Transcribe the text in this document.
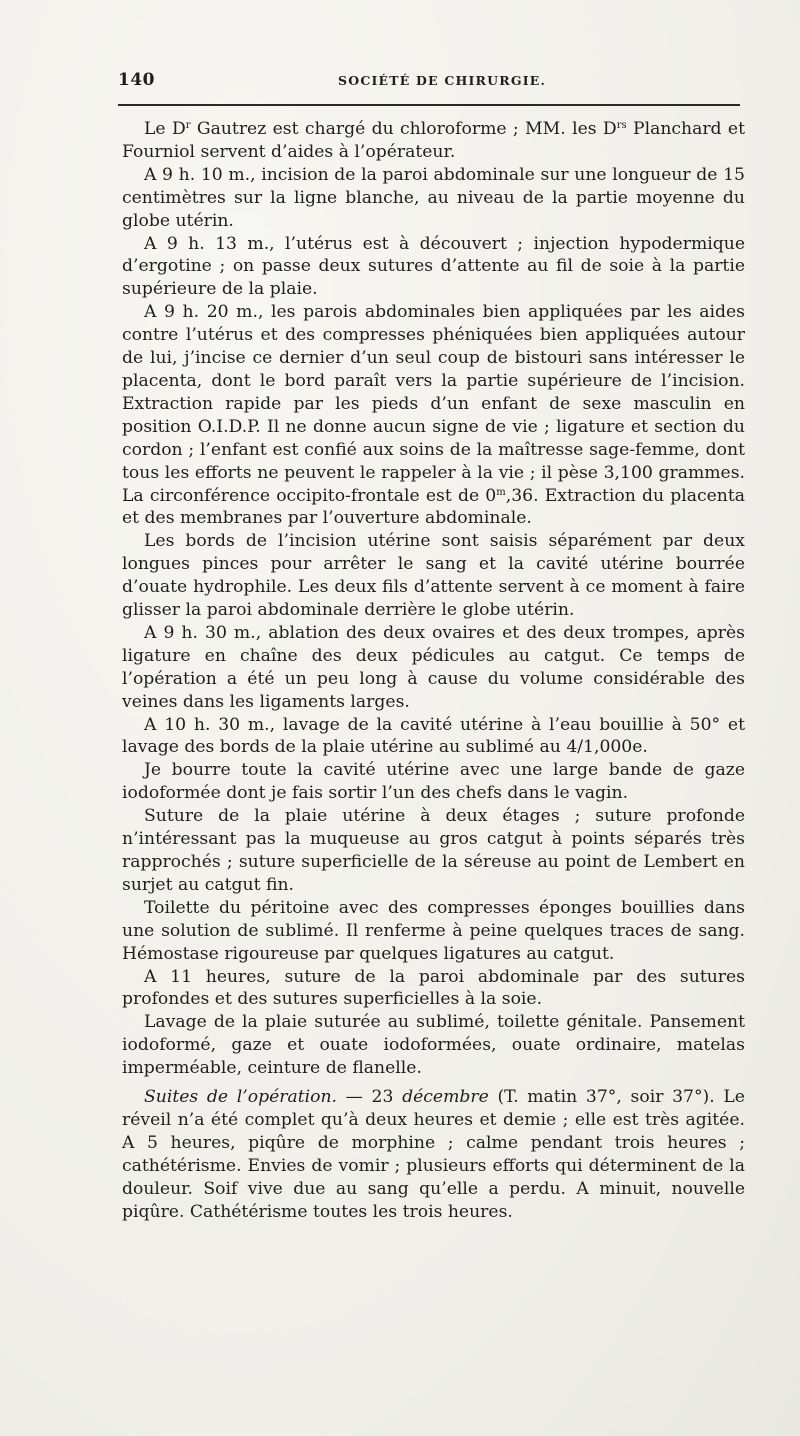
140	SOCIÉTÉ DE CHIRURGIE.

Le $D^r$ Gautrez est chargé du chloroforme ; MM. les $D^{rs}$ Planchard et Fourniol servent d’aides à l’opérateur.

A 9 h. 10 m., incision de la paroi abdominale sur une longueur de 15 centimètres sur la ligne blanche, au niveau de la partie moyenne du globe utérin.

A 9 h. 13 m., l’utérus est à découvert ; injection hypodermique d’ergotine ; on passe deux sutures d’attente au fil de soie à la partie supérieure de la plaie.

A 9 h. 20 m., les parois abdominales bien appliquées par les aides contre l’utérus et des compresses phéniquées bien appliquées autour de lui, j’incise ce dernier d’un seul coup de bistouri sans intéresser le placenta, dont le bord paraît vers la partie supérieure de l’incision. Extraction rapide par les pieds d’un enfant de sexe masculin en position O.I.D.P. Il ne donne aucun signe de vie ; ligature et section du cordon ; l’enfant est confié aux soins de la maîtresse sage-femme, dont tous les efforts ne peuvent le rappeler à la vie ; il pèse 3,100 grammes. La circonférence occipito-frontale est de 0$^m$,36. Extraction du placenta et des membranes par l’ouverture abdominale.

Les bords de l’incision utérine sont saisis séparément par deux longues pinces pour arrêter le sang et la cavité utérine bourrée d’ouate hydrophile. Les deux fils d’attente servent à ce moment à faire glisser la paroi abdominale derrière le globe utérin.

A 9 h. 30 m., ablation des deux ovaires et des deux trompes, après ligature en chaîne des deux pédicules au catgut. Ce temps de l’opération a été un peu long à cause du volume considérable des veines dans les ligaments larges.

A 10 h. 30 m., lavage de la cavité utérine à l’eau bouillie à 50° et lavage des bords de la plaie utérine au sublimé au 4/1,000e.

Je bourre toute la cavité utérine avec une large bande de gaze iodoformée dont je fais sortir l’un des chefs dans le vagin.

Suture de la plaie utérine à deux étages ; suture profonde n’intéressant pas la muqueuse au gros catgut à points séparés très rapprochés ; suture superficielle de la séreuse au point de Lembert en surjet au catgut fin.

Toilette du péritoine avec des compresses éponges bouillies dans une solution de sublimé. Il renferme à peine quelques traces de sang. Hémostase rigoureuse par quelques ligatures au catgut.

A 11 heures, suture de la paroi abdominale par des sutures profondes et des sutures superficielles à la soie.

Lavage de la plaie suturée au sublimé, toilette génitale. Pansement iodoformé, gaze et ouate iodoformées, ouate ordinaire, matelas imperméable, ceinture de flanelle.

Suites de l’opération. — 23 décembre (T. matin 37°, soir 37°). Le réveil n’a été complet qu’à deux heures et demie ; elle est très agitée. A 5 heures, piqûre de morphine ; calme pendant trois heures ; cathétérisme. Envies de vomir ; plusieurs efforts qui déterminent de la douleur. Soif vive due au sang qu’elle a perdu. A minuit, nouvelle piqûre. Cathétérisme toutes les trois heures.
